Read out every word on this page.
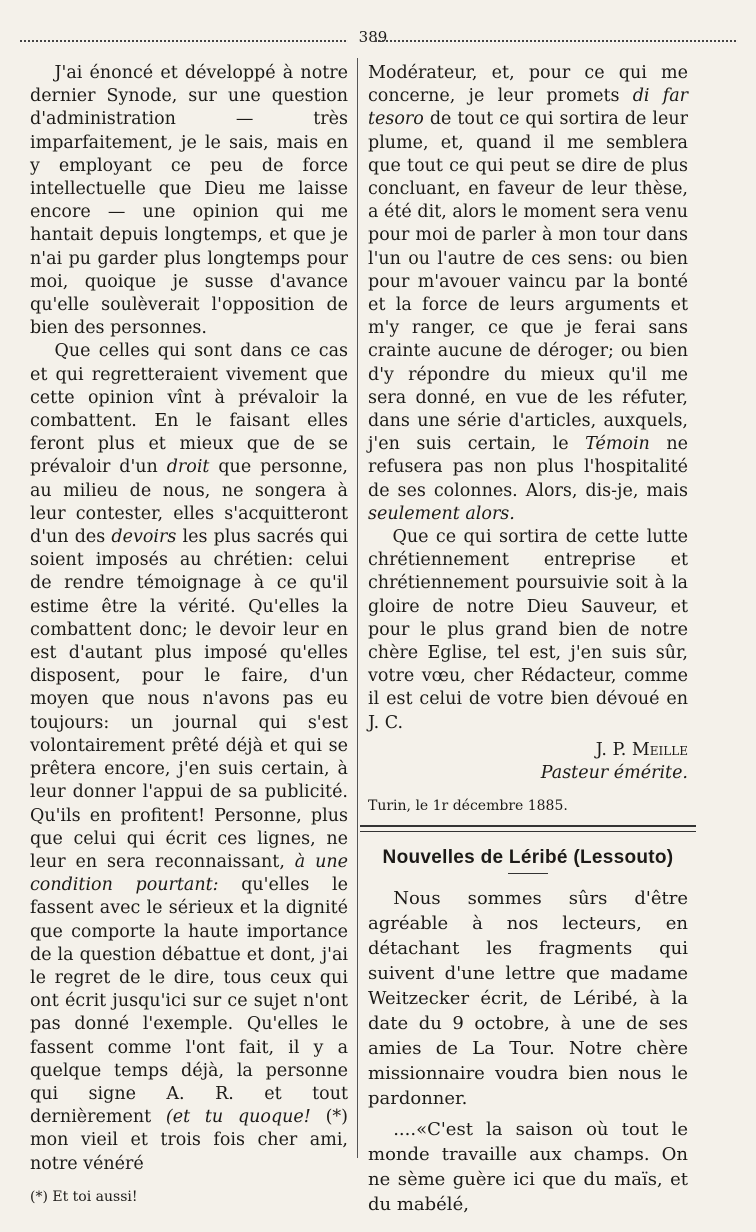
389

J'ai énoncé et développé à notre dernier Synode, sur une question d'administration — très imparfaitement, je le sais, mais en y employant ce peu de force intellectuelle que Dieu me laisse encore — une opinion qui me hantait depuis longtemps, et que je n'ai pu garder plus longtemps pour moi, quoique je susse d'avance qu'elle soulèverait l'opposition de bien des personnes.

Que celles qui sont dans ce cas et qui regretteraient vivement que cette opinion vînt à prévaloir la combattent. En le faisant elles feront plus et mieux que de se prévaloir d'un droit que personne, au milieu de nous, ne songera à leur contester, elles s'acquitteront d'un des devoirs les plus sacrés qui soient imposés au chrétien: celui de rendre témoignage à ce qu'il estime être la vérité. Qu'elles la combattent donc; le devoir leur en est d'autant plus imposé qu'elles disposent, pour le faire, d'un moyen que nous n'avons pas eu toujours: un journal qui s'est volontairement prêté déjà et qui se prêtera encore, j'en suis certain, à leur donner l'appui de sa publicité. Qu'ils en profitent! Personne, plus que celui qui écrit ces lignes, ne leur en sera reconnaissant, à une condition pourtant: qu'elles le fassent avec le sérieux et la dignité que comporte la haute importance de la question débattue et dont, j'ai le regret de le dire, tous ceux qui ont écrit jusqu'ici sur ce sujet n'ont pas donné l'exemple. Qu'elles le fassent comme l'ont fait, il y a quelque temps déjà, la personne qui signe A. R. et tout dernièrement (et tu quoque! (*) mon vieil et trois fois cher ami, notre vénéré

(*) Et toi aussi!

Modérateur, et, pour ce qui me concerne, je leur promets di far tesoro de tout ce qui sortira de leur plume, et, quand il me semblera que tout ce qui peut se dire de plus concluant, en faveur de leur thèse, a été dit, alors le moment sera venu pour moi de parler à mon tour dans l'un ou l'autre de ces sens: ou bien pour m'avouer vaincu par la bonté et la force de leurs arguments et m'y ranger, ce que je ferai sans crainte aucune de déroger; ou bien d'y répondre du mieux qu'il me sera donné, en vue de les réfuter, dans une série d'articles, auxquels, j'en suis certain, le Témoin ne refusera pas non plus l'hospitalité de ses colonnes. Alors, dis-je, mais seulement alors.

Que ce qui sortira de cette lutte chrétiennement entreprise et chrétiennement poursuivie soit à la gloire de notre Dieu Sauveur, et pour le plus grand bien de notre chère Eglise, tel est, j'en suis sûr, votre vœu, cher Rédacteur, comme il est celui de votre bien dévoué en J. C.

J. P. Meille

Pasteur émérite.

Turin, le 1r décembre 1885.

Nouvelles de Léribé (Lessouto)

Nous sommes sûrs d'être agréable à nos lecteurs, en détachant les fragments qui suivent d'une lettre que madame Weitzecker écrit, de Léribé, à la date du 9 octobre, à une de ses amies de La Tour. Notre chère missionnaire voudra bien nous le pardonner.

....«C'est la saison où tout le monde travaille aux champs. On ne sème guère ici que du maïs, et du mabélé,
